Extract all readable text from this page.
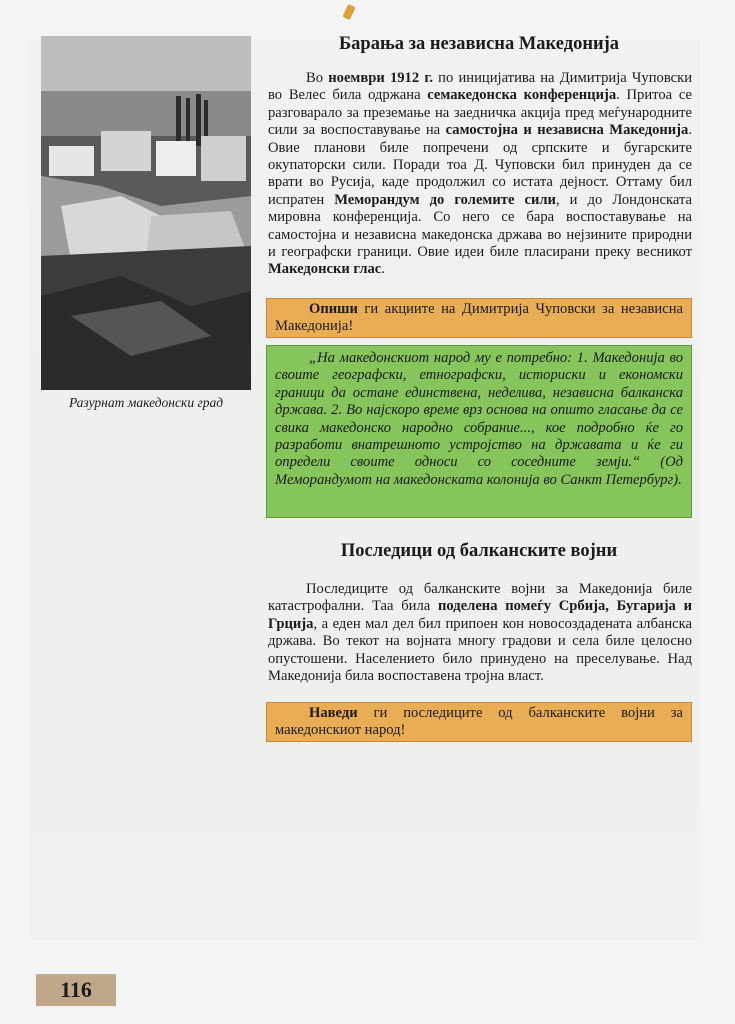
Разурнат македонски град
Барања за независна Македонија

Во ноември 1912 г. по иницијатива на Димитрија Чуповски во Велес била одржана семакедонска конференција. Притоа се разговарало за преземање на заедничка акција пред меѓународните сили за воспоставување на самостојна и независна Македонија. Овие планови биле попречени од српските и бугарските окупаторски сили. Поради тоа Д. Чуповски бил принуден да се врати во Русија, каде продолжил со истата дејност. Оттаму бил испратен Меморандум до големите сили, и до Лондонската мировна конференција. Со него се бара воспоставување на самостојна и независна македонска држава во нејзините природни и географски граници. Овие идеи биле пласирани преку весникот Македонски глас.

Опиши ги акциите на Димитрија Чуповски за независна Македонија!

„На македонскиот народ му е потребно: 1. Македонија во своите географски, етнографски, историски и економски граници да остане единствена, неделива, независна балканска држава. 2. Во најскоро време врз основа на општо гласање да се свика македонско народно собрание..., кое подробно ќе го разработи внатрешното устројство на државата и ќе ги определи своите односи со соседните земји.“ (Од Меморандумот на македонската колонија во Санкт Петербург).

Последици од балканските војни

Последиците од балканските војни за Македонија биле катастрофални. Таа била поделена помеѓу Србија, Бугарија и Грција, а еден мал дел бил припоен кон новосоздадената албанска држава. Во текот на војната многу градови и села биле целосно опустошени. Населението било принудено на преселување. Над Македонија била воспоставена тројна власт.

Наведи ги последиците од балканските војни за македонскиот народ!

116
